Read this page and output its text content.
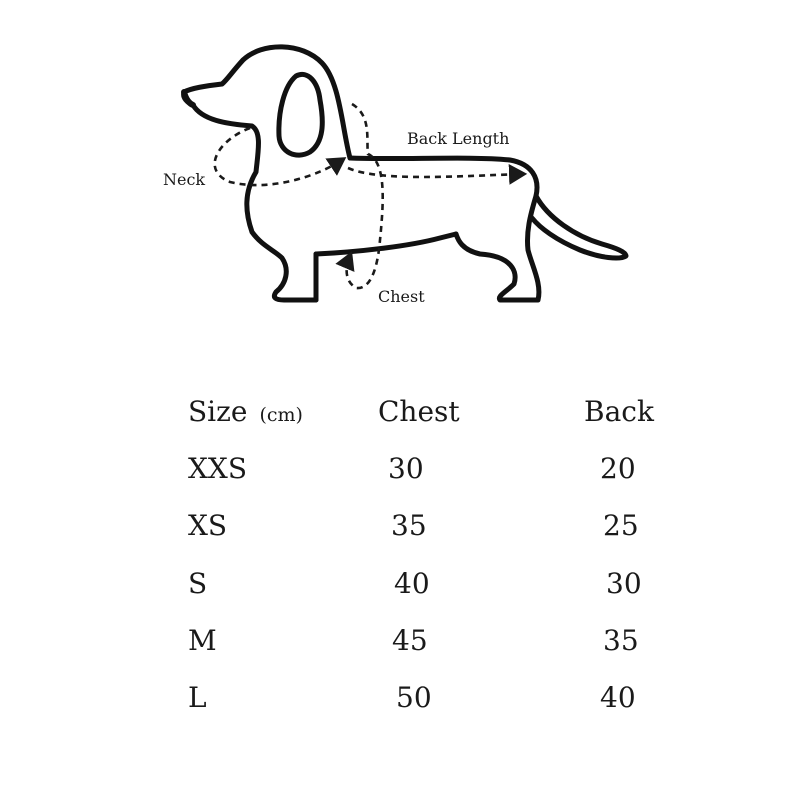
Back Length
Neck
Chest
Size (cm)	Chest	Back
XXS	30	20
XS	35	25
S	40	30
M	45	35
L	50	40
